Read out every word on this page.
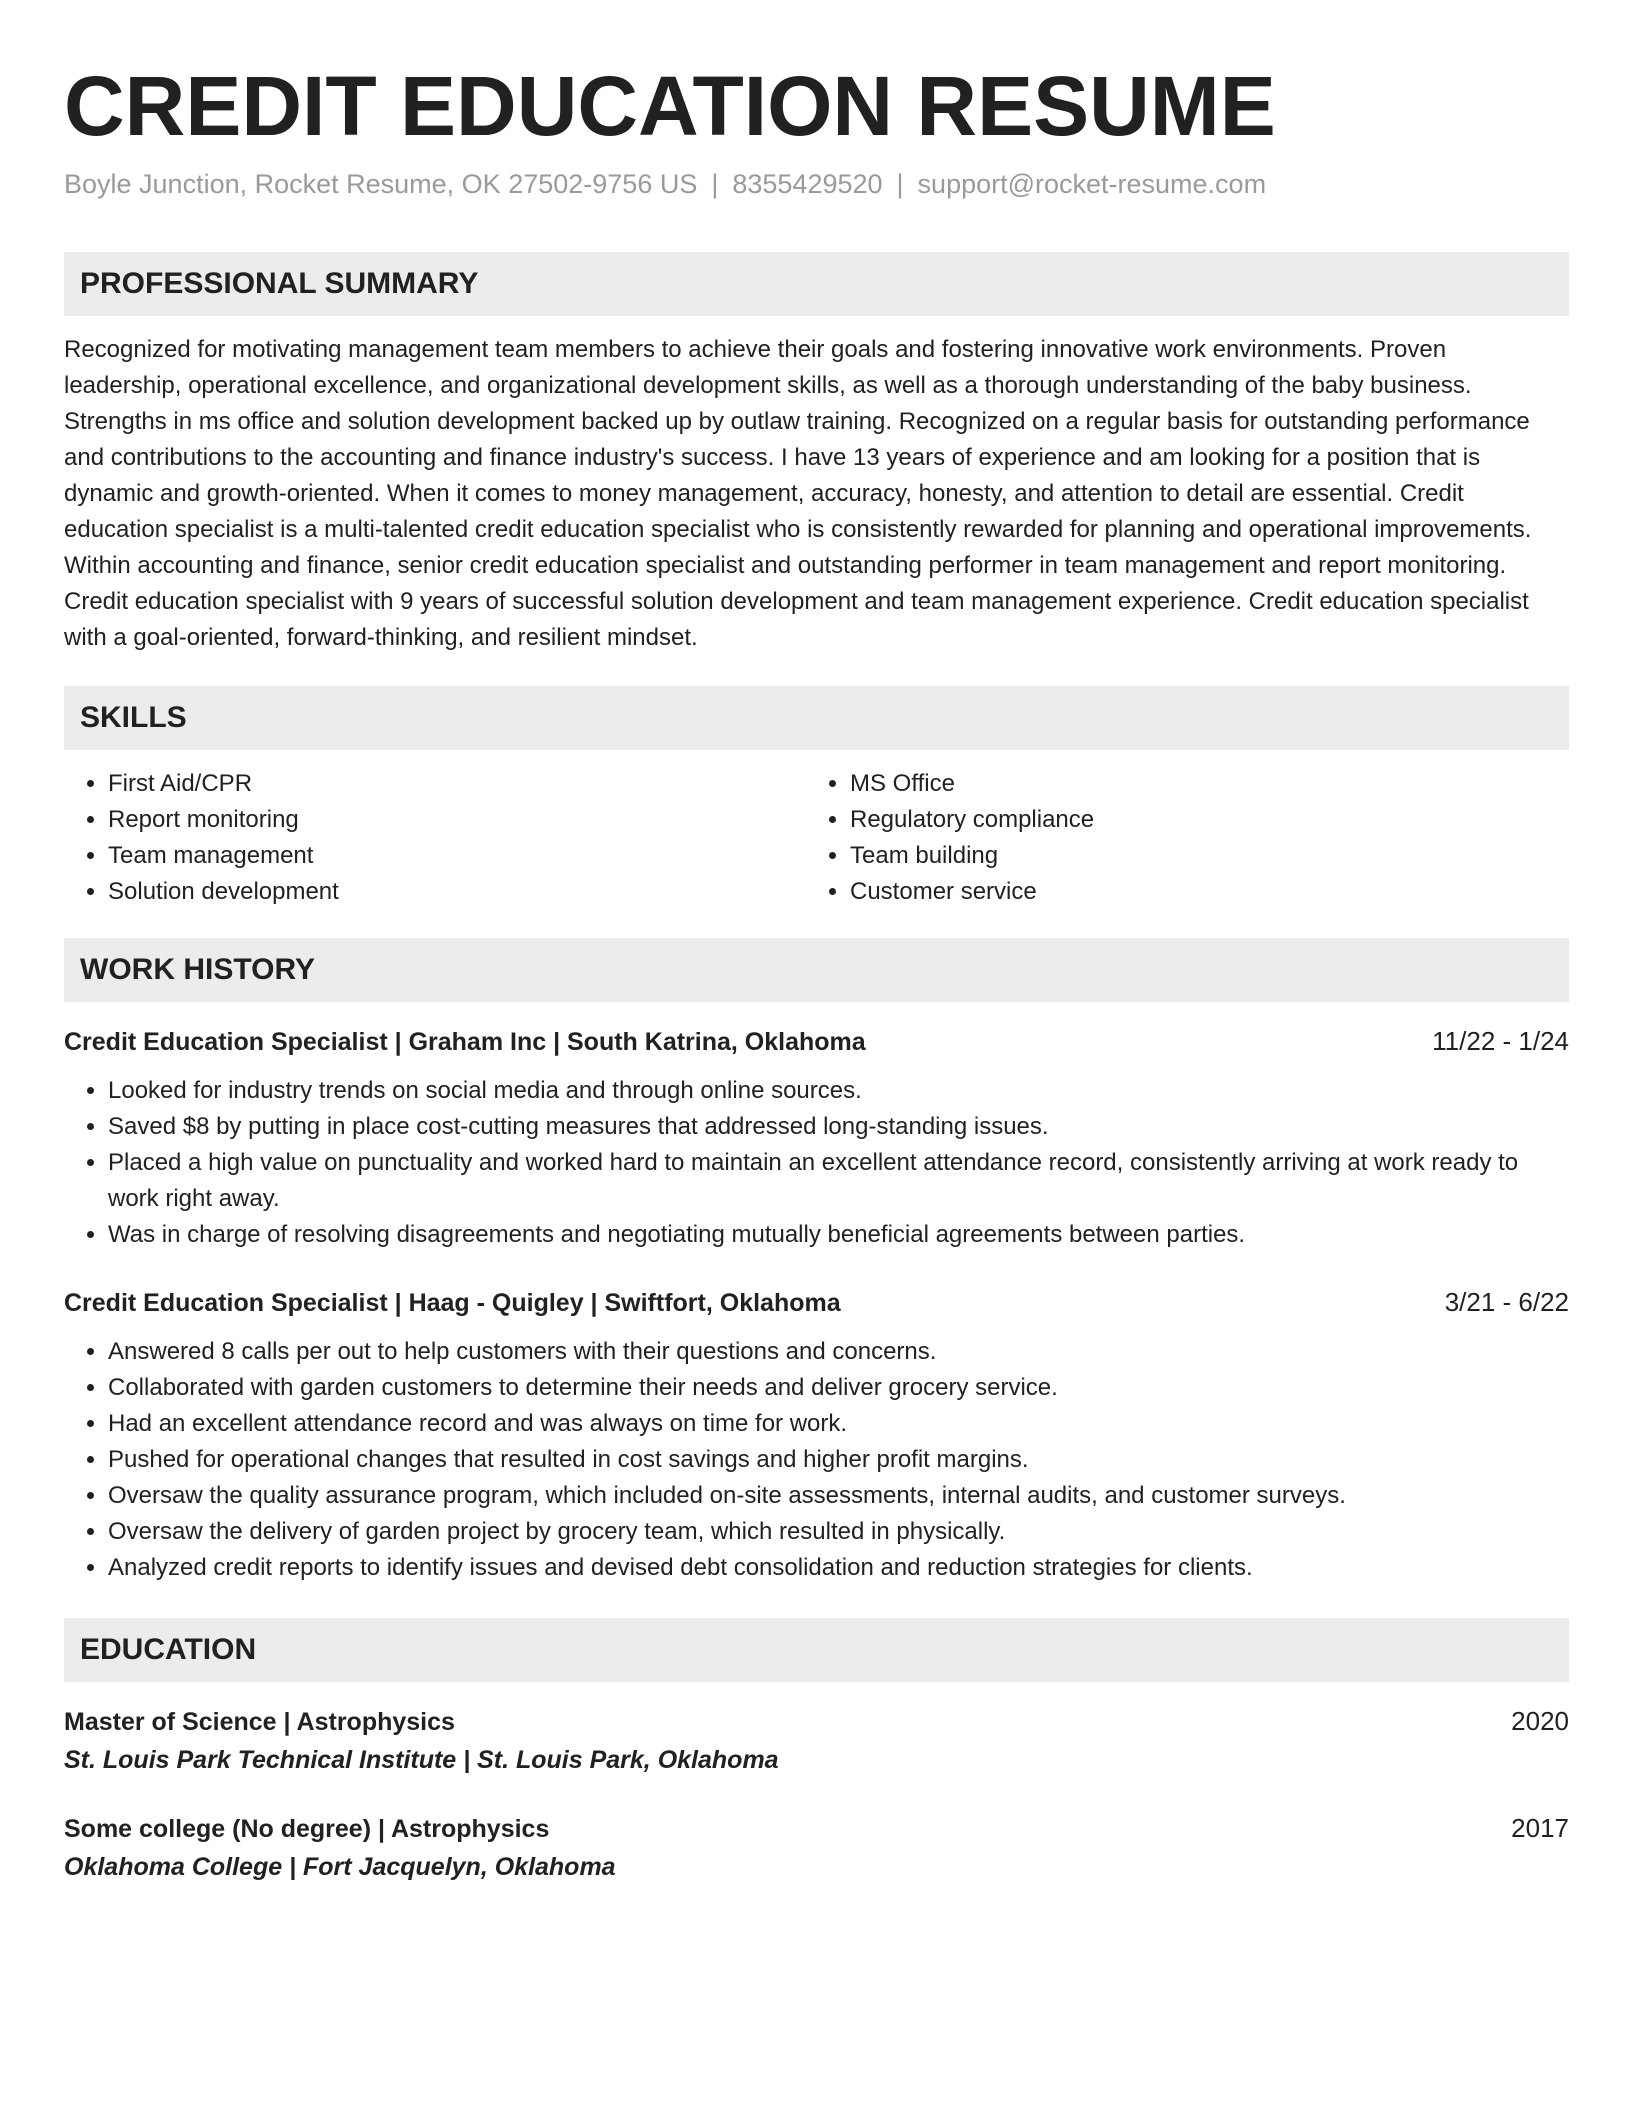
CREDIT EDUCATION RESUME
Boyle Junction, Rocket Resume, OK 27502-9756 US | 8355429520 | support@rocket-resume.com
PROFESSIONAL SUMMARY

Recognized for motivating management team members to achieve their goals and fostering innovative work environments. Proven leadership, operational excellence, and organizational development skills, as well as a thorough understanding of the baby business. Strengths in ms office and solution development backed up by outlaw training. Recognized on a regular basis for outstanding performance and contributions to the accounting and finance industry's success. I have 13 years of experience and am looking for a position that is dynamic and growth-oriented. When it comes to money management, accuracy, honesty, and attention to detail are essential. Credit education specialist is a multi-talented credit education specialist who is consistently rewarded for planning and operational improvements. Within accounting and finance, senior credit education specialist and outstanding performer in team management and report monitoring. Credit education specialist with 9 years of successful solution development and team management experience. Credit education specialist with a goal-oriented, forward-thinking, and resilient mindset.

SKILLS
• First Aid/CPR
• Report monitoring
• Team management
• Solution development
• MS Office
• Regulatory compliance
• Team building
• Customer service
WORK HISTORY
Credit Education Specialist | Graham Inc | South Katrina, Oklahoma	11/22 - 1/24
• Looked for industry trends on social media and through online sources.
• Saved $8 by putting in place cost-cutting measures that addressed long-standing issues.
• Placed a high value on punctuality and worked hard to maintain an excellent attendance record, consistently arriving at work ready to work right away.
• Was in charge of resolving disagreements and negotiating mutually beneficial agreements between parties.
Credit Education Specialist | Haag - Quigley | Swiftfort, Oklahoma	3/21 - 6/22
• Answered 8 calls per out to help customers with their questions and concerns.
• Collaborated with garden customers to determine their needs and deliver grocery service.
• Had an excellent attendance record and was always on time for work.
• Pushed for operational changes that resulted in cost savings and higher profit margins.
• Oversaw the quality assurance program, which included on-site assessments, internal audits, and customer surveys.
• Oversaw the delivery of garden project by grocery team, which resulted in physically.
• Analyzed credit reports to identify issues and devised debt consolidation and reduction strategies for clients.
EDUCATION
Master of Science | Astrophysics	2020
St. Louis Park Technical Institute | St. Louis Park, Oklahoma
Some college (No degree) | Astrophysics	2017
Oklahoma College | Fort Jacquelyn, Oklahoma
